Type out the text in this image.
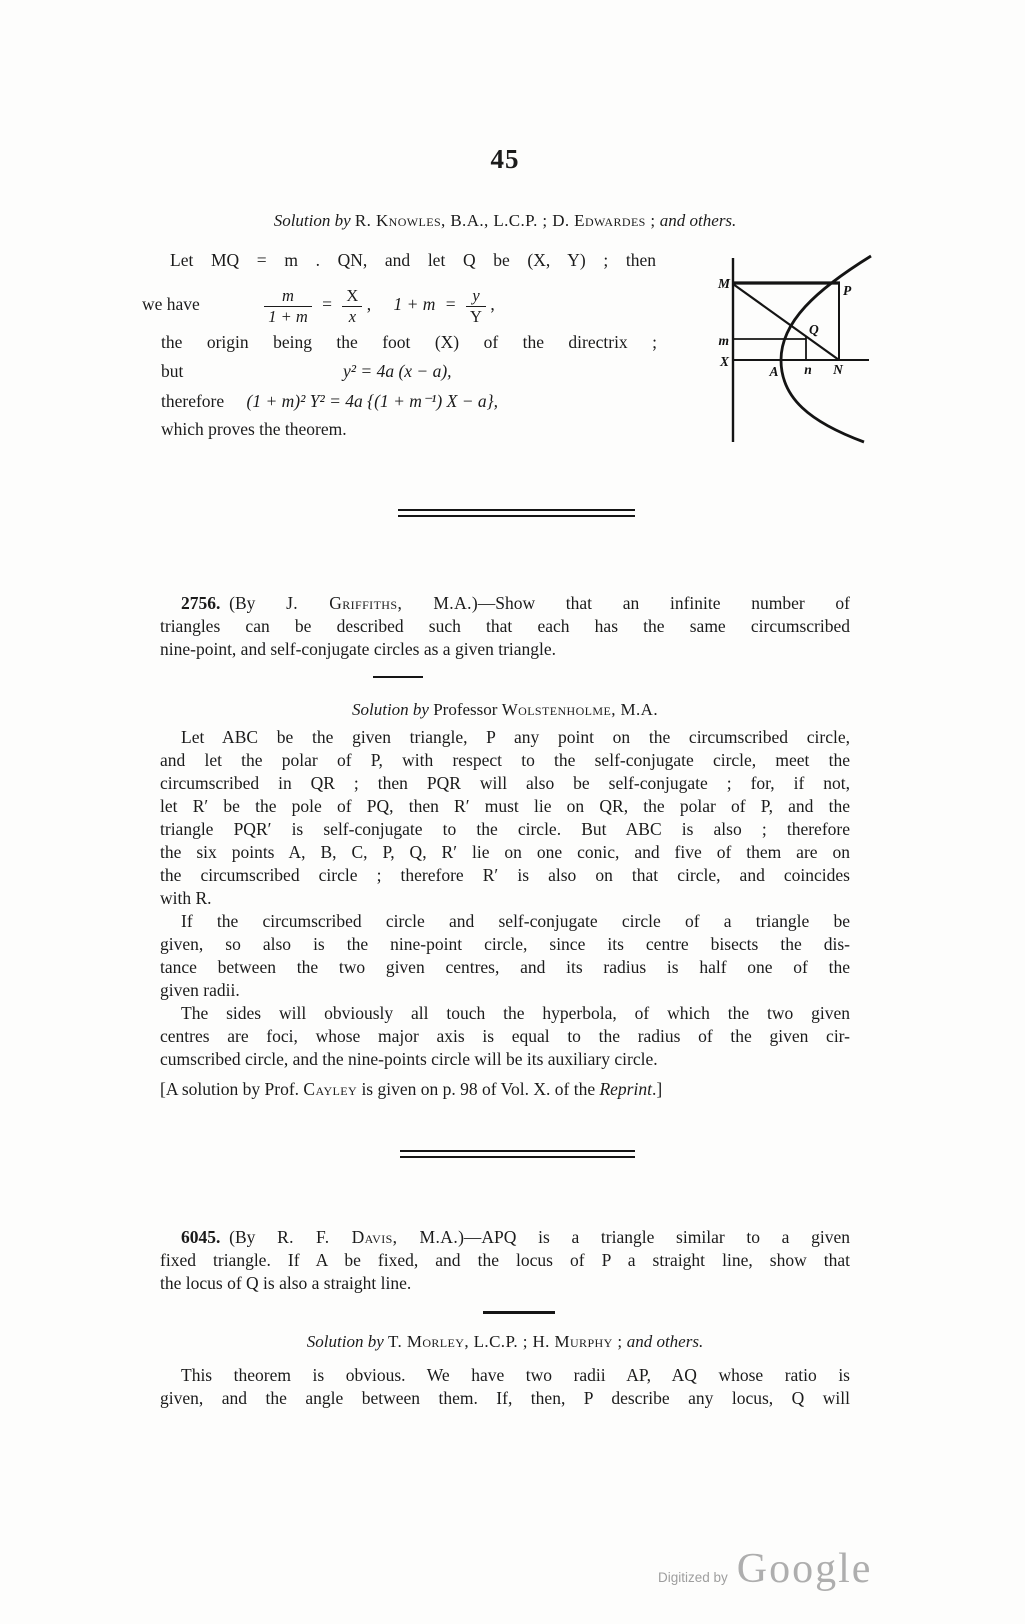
45
Solution by R. Knowles, B.A., L.C.P. ; D. Edwardes ; and others.
Let MQ = m . QN, and let Q be (X, Y) ; then
we have	$\frac{m}{1 + m} = \frac{X}{x}$ , $1 + m = \frac{y}{Y}$ ,
the origin being the foot (X) of the directrix ;
but	y² = 4a (x − a),
therefore (1 + m)² Y² = 4a {(1 + m⁻¹) X − a},
which proves the theorem.
M	P
Q
m
X
A n N
2756. (By J. Griffiths, M.A.)—Show that an infinite number of
triangles can be described such that each has the same circumscribed
nine-point, and self-conjugate circles as a given triangle.
Solution by Professor Wolstenholme, M.A.
Let ABC be the given triangle, P any point on the circumscribed circle,
and let the polar of P, with respect to the self-conjugate circle, meet the
circumscribed in QR ; then PQR will also be self-conjugate ; for, if not,
let R′ be the pole of PQ, then R′ must lie on QR, the polar of P, and the
triangle PQR′ is self-conjugate to the circle. But ABC is also ; therefore
the six points A, B, C, P, Q, R′ lie on one conic, and five of them are on
the circumscribed circle ; therefore R′ is also on that circle, and coincides
with R.
If the circumscribed circle and self-conjugate circle of a triangle be
given, so also is the nine-point circle, since its centre bisects the dis-
tance between the two given centres, and its radius is half one of the
given radii.
The sides will obviously all touch the hyperbola, of which the two given
centres are foci, whose major axis is equal to the radius of the given cir-
cumscribed circle, and the nine-points circle will be its auxiliary circle.
[A solution by Prof. Cayley is given on p. 98 of Vol. X. of the Reprint.]
6045. (By R. F. Davis, M.A.)—APQ is a triangle similar to a given
fixed triangle. If A be fixed, and the locus of P a straight line, show that
the locus of Q is also a straight line.
Solution by T. Morley, L.C.P. ; H. Murphy ; and others.
This theorem is obvious. We have two radii AP, AQ whose ratio is
given, and the angle between them. If, then, P describe any locus, Q will
Digitized by Google
